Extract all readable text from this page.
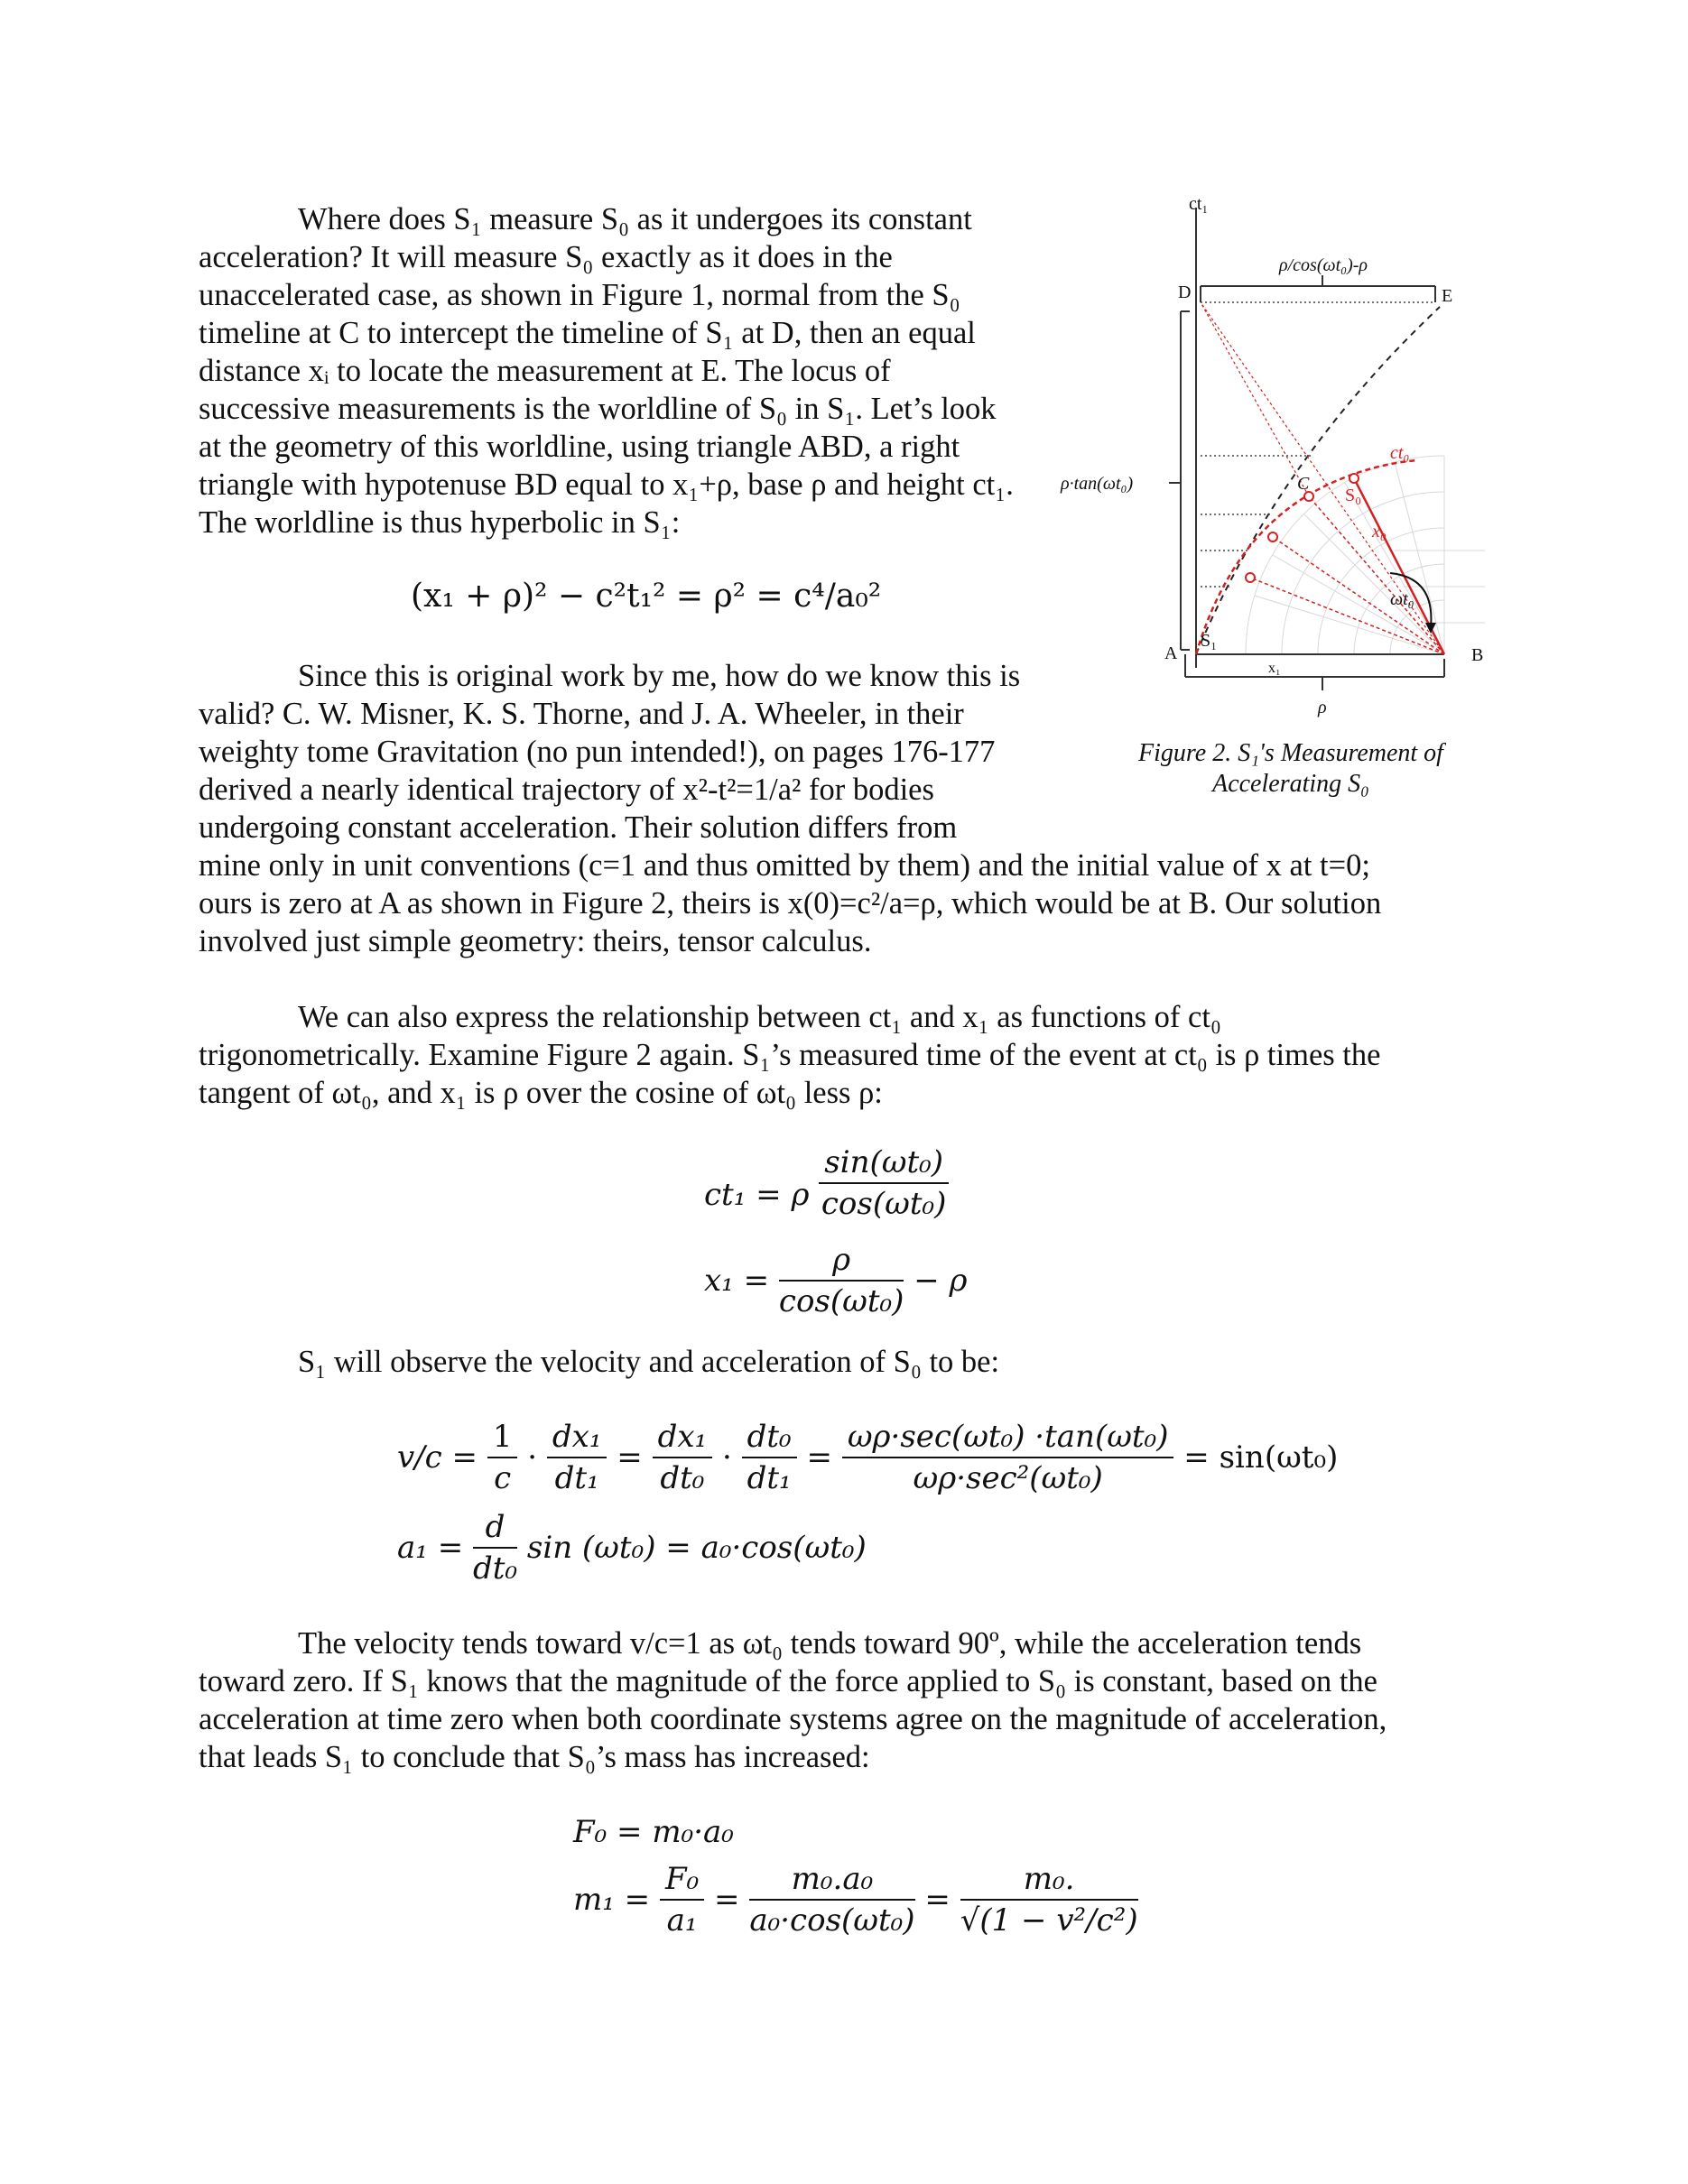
Where does S₁ measure S₀ as it undergoes its constant

acceleration? It will measure S₀ exactly as it does in the

unaccelerated case, as shown in Figure 1, normal from the S₀

timeline at C to intercept the timeline of S₁ at D, then an equal

distance xᵢ to locate the measurement at E. The locus of

successive measurements is the worldline of S₀ in S₁. Let’s look

at the geometry of this worldline, using triangle ABD, a right

triangle with hypotenuse BD equal to x₁+ρ, base ρ and height ct₁.

The worldline is thus hyperbolic in S₁:

(x₁ + ρ)² − c²t₁² = ρ² = c⁴/a₀²

Since this is original work by me, how do we know this is

valid? C. W. Misner, K. S. Thorne, and J. A. Wheeler, in their

weighty tome Gravitation (no pun intended!), on pages 176-177

derived a nearly identical trajectory of x²-t²=1/a² for bodies

undergoing constant acceleration. Their solution differs from

mine only in unit conventions (c=1 and thus omitted by them) and the initial value of x at t=0;

ours is zero at A as shown in Figure 2, theirs is x(0)=c²/a=ρ, which would be at B. Our solution

involved just simple geometry: theirs, tensor calculus.

We can also express the relationship between ct₁ and x₁ as functions of ct₀

trigonometrically. Examine Figure 2 again. S₁’s measured time of the event at ct₀ is ρ times the

tangent of ωt₀, and x₁ is ρ over the cosine of ωt₀ less ρ:

ct₁ = ρ $\frac{\text{sin(ωt₀)}}{\text{cos(ωt₀)}}$
$x_1 = \frac{\rho}{\text{cos(ωt₀)}} - \rho$

S₁ will observe the velocity and acceleration of S₀ to be:

$v/c = \frac{1}{c} \cdot \frac{\text{dx₁}}{\text{dt₁}} = \frac{\text{dx₁}}{\text{dt₀}} \cdot \frac{\text{dt₀}}{\text{dt₁}} = \frac{\text{ωρ·sec(ωt₀) ·tan(ωt₀)}}{\text{ωρ·sec²(ωt₀)}} = \sin(\omega t_0)$
$a_1 = \frac{d}{\text{dt₀}}$ sin (ωt₀) = a₀·cos(ωt₀)

The velocity tends toward v/c=1 as ωt₀ tends toward 90º, while the acceleration tends

toward zero. If S₁ knows that the magnitude of the force applied to S₀ is constant, based on the

acceleration at time zero when both coordinate systems agree on the magnitude of acceleration,

that leads S₁ to conclude that S₀’s mass has increased:

F₀ = m₀·a₀
$m_1 = \frac{\text{F₀}}{\text{a₁}} = \frac{\text{m₀.a₀}}{\text{a₀·cos(ωt₀)}} = \frac{\text{m₀.}}{\text{√(1 − v²/c²)}}$
ct₁
ρ/cos(ωt₀)-ρ
D	E
ρ·tan(ωt₀)	C
S₀
x₀
ct₀
ωt₀
A
S₁
x₁
B
ρ
Figure 2. S₁'s Measurement of
Accelerating S₀
